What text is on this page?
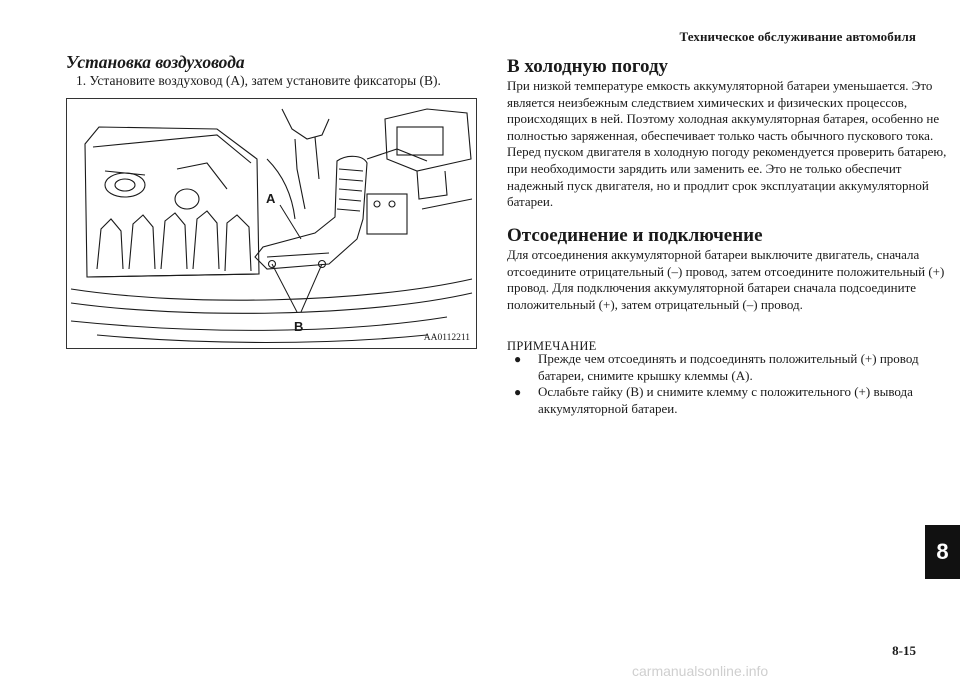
Техническое обслуживание автомобиля
Установка воздуховода
1. Установите воздуховод (A), затем установите фиксаторы (B).
A
B
AA0112211
В холодную погоду
При низкой температуре емкость аккумуляторной батареи уменьшается. Это является неизбежным следствием химических и физических процессов, происходящих в ней. Поэтому холодная аккумуляторная батарея, особенно не полностью заряженная, обеспечивает только часть обычного пускового тока. Перед пуском двигателя в холодную погоду рекомендуется проверить батарею, при необходимости зарядить или заменить ее. Это не только обеспечит надежный пуск двигателя, но и продлит срок эксплуатации аккумуляторной батареи.
Отсоединение и подключение
Для отсоединения аккумуляторной батареи выключите двигатель, сначала отсоедините отрицательный (–) провод, затем отсоедините положительный (+) провод. Для подключения аккумуляторной батареи сначала подсоедините положительный (+), затем отрицательный (–) провод.
ПРИМЕЧАНИЕ
●	Прежде чем отсоединять и подсоединять положительный (+) провод батареи, снимите крышку клеммы (A).
●	Ослабьте гайку (B) и снимите клемму с положительного (+) вывода аккумуляторной батареи.
8
8-15
carmanualsonline.info
